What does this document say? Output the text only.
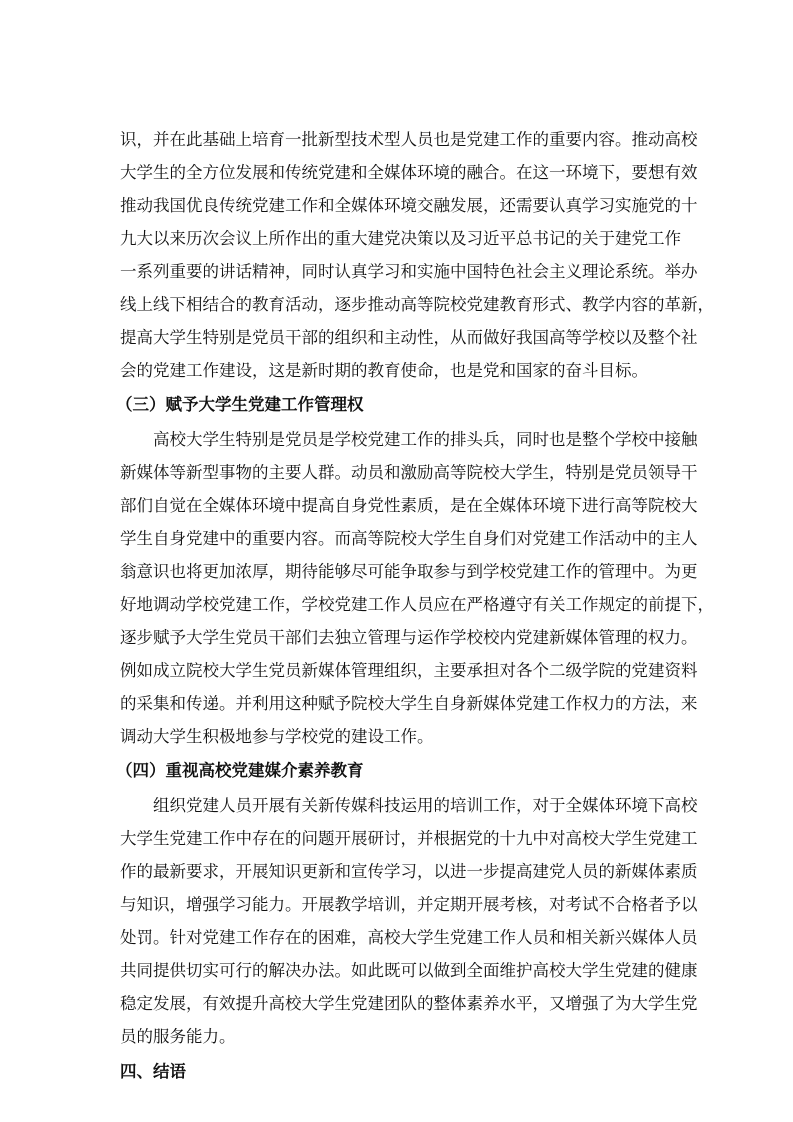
识，并在此基础上培育一批新型技术型人员也是党建工作的重要内容。推动高校
大学生的全方位发展和传统党建和全媒体环境的融合。在这一环境下，要想有效
推动我国优良传统党建工作和全媒体环境交融发展，还需要认真学习实施党的十
九大以来历次会议上所作出的重大建党决策以及习近平总书记的关于建党工作
一系列重要的讲话精神，同时认真学习和实施中国特色社会主义理论系统。举办
线上线下相结合的教育活动，逐步推动高等院校党建教育形式、教学内容的革新，
提高大学生特别是党员干部的组织和主动性，从而做好我国高等学校以及整个社
会的党建工作建设，这是新时期的教育使命，也是党和国家的奋斗目标。
（三）赋予大学生党建工作管理权
高校大学生特别是党员是学校党建工作的排头兵，同时也是整个学校中接触
新媒体等新型事物的主要人群。动员和激励高等院校大学生，特别是党员领导干
部们自觉在全媒体环境中提高自身党性素质，是在全媒体环境下进行高等院校大
学生自身党建中的重要内容。而高等院校大学生自身们对党建工作活动中的主人
翁意识也将更加浓厚，期待能够尽可能争取参与到学校党建工作的管理中。为更
好地调动学校党建工作，学校党建工作人员应在严格遵守有关工作规定的前提下，
逐步赋予大学生党员干部们去独立管理与运作学校校内党建新媒体管理的权力。
例如成立院校大学生党员新媒体管理组织，主要承担对各个二级学院的党建资料
的采集和传递。并利用这种赋予院校大学生自身新媒体党建工作权力的方法，来
调动大学生积极地参与学校党的建设工作。
（四）重视高校党建媒介素养教育
组织党建人员开展有关新传媒科技运用的培训工作，对于全媒体环境下高校
大学生党建工作中存在的问题开展研讨，并根据党的十九中对高校大学生党建工
作的最新要求，开展知识更新和宣传学习，以进一步提高建党人员的新媒体素质
与知识，增强学习能力。开展教学培训，并定期开展考核，对考试不合格者予以
处罚。针对党建工作存在的困难，高校大学生党建工作人员和相关新兴媒体人员
共同提供切实可行的解决办法。如此既可以做到全面维护高校大学生党建的健康
稳定发展，有效提升高校大学生党建团队的整体素养水平，又增强了为大学生党
员的服务能力。
四、结语
